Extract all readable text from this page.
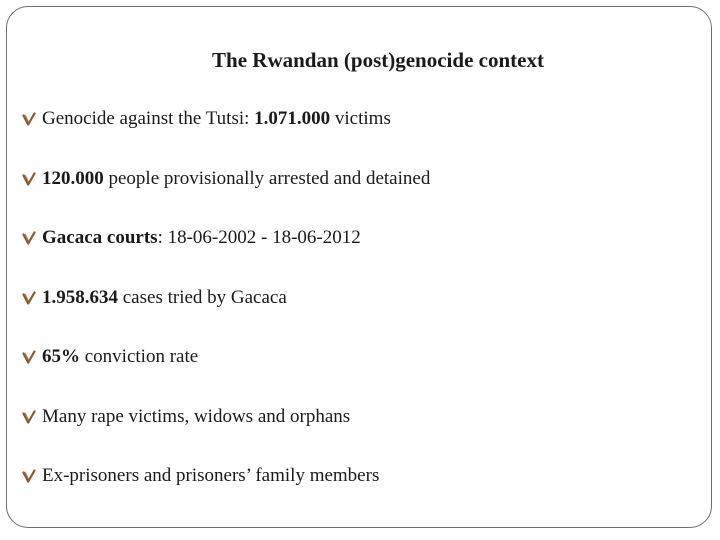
The Rwandan (post)genocide context
Genocide against the Tutsi: 1.071.000 victims
120.000 people provisionally arrested and detained
Gacaca courts: 18-06-2002 - 18-06-2012
1.958.634 cases tried by Gacaca
65% conviction rate
Many rape victims, widows and orphans
Ex-prisoners and prisoners’ family members
